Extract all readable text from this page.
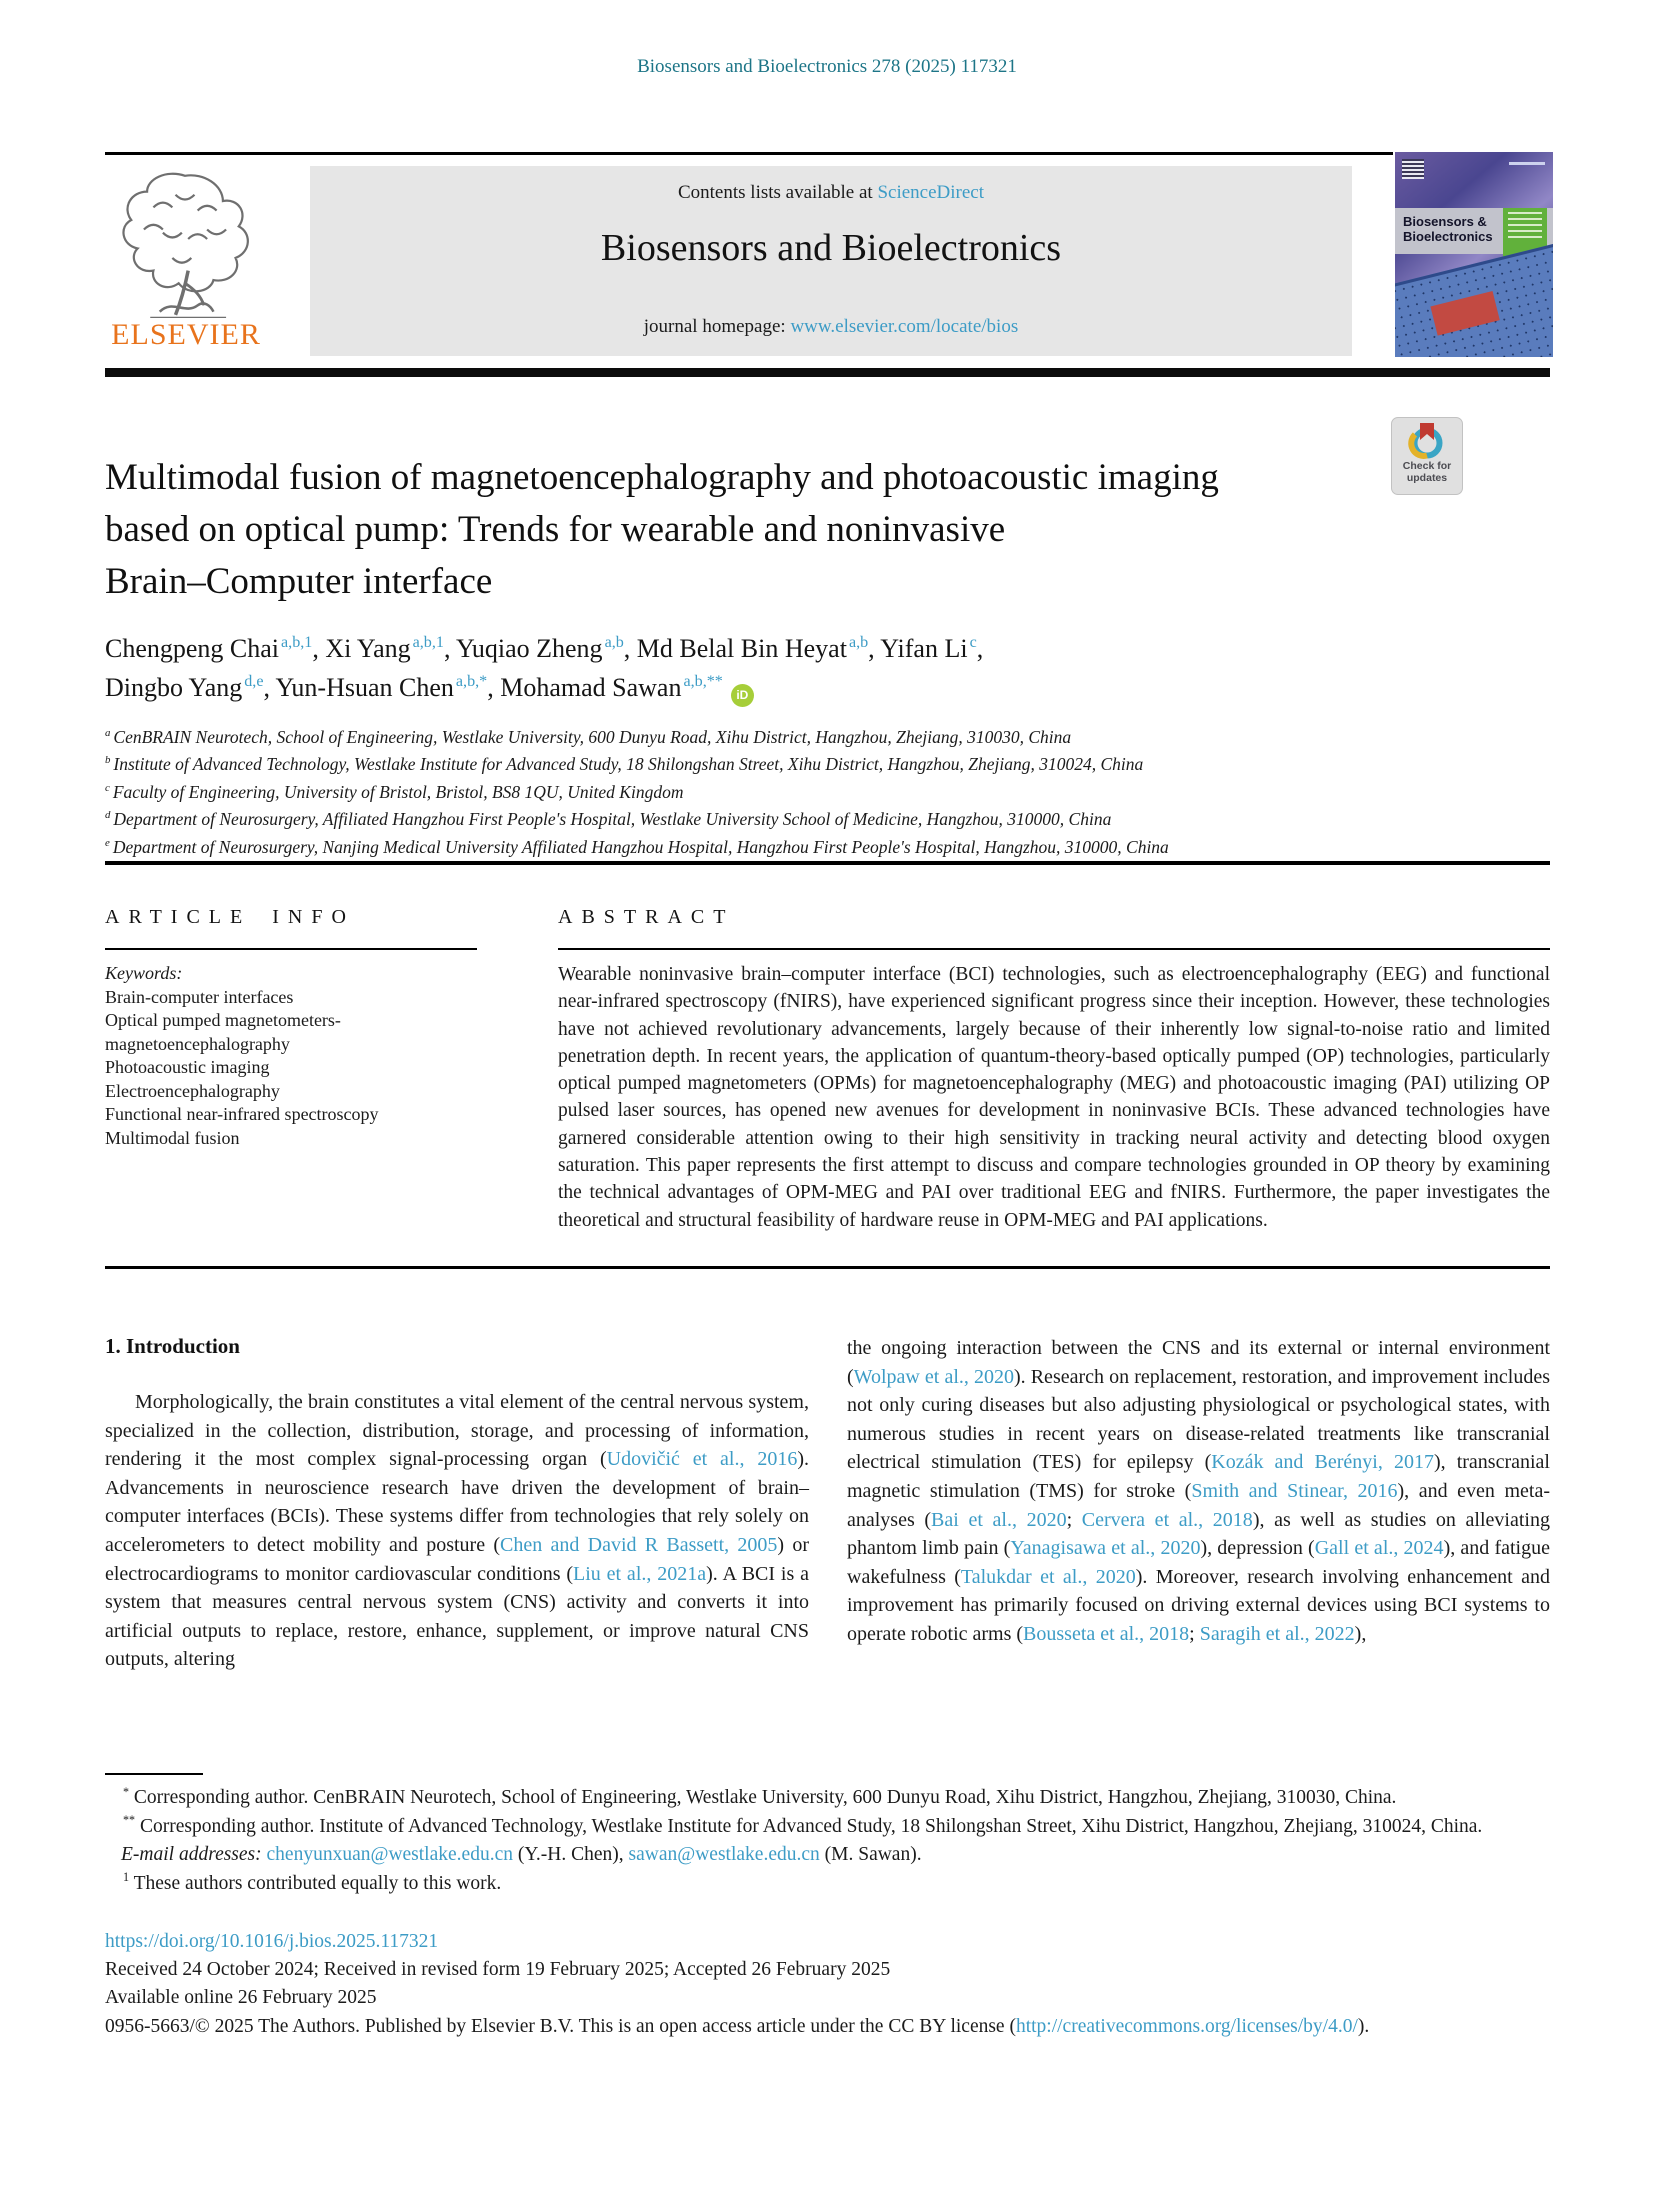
Biosensors and Bioelectronics 278 (2025) 117321
ELSEVIER
Contents lists available at ScienceDirect
Biosensors and Bioelectronics
journal homepage: www.elsevier.com/locate/bios
Biosensors &
Bioelectronics
Check for
updates
Multimodal fusion of magnetoencephalography and photoacoustic imaging
based on optical pump: Trends for wearable and noninvasive
Brain–Computer interface
Chengpeng Chai $^{a,b,1}$, Xi Yang $^{a,b,1}$, Yuqiao Zheng $^{a,b}$, Md Belal Bin Heyat $^{a,b}$, Yifan Li $^c$,
Dingbo Yang $^{d,e}$, Yun-Hsuan Chen $^{a,b,*}$, Mohamad Sawan $^{a,b,**}$iD
$^a$ CenBRAIN Neurotech, School of Engineering, Westlake University, 600 Dunyu Road, Xihu District, Hangzhou, Zhejiang, 310030, China
$^b$ Institute of Advanced Technology, Westlake Institute for Advanced Study, 18 Shilongshan Street, Xihu District, Hangzhou, Zhejiang, 310024, China
$^c$ Faculty of Engineering, University of Bristol, Bristol, BS8 1QU, United Kingdom
$^d$ Department of Neurosurgery, Affiliated Hangzhou First People's Hospital, Westlake University School of Medicine, Hangzhou, 310000, China
$^e$ Department of Neurosurgery, Nanjing Medical University Affiliated Hangzhou Hospital, Hangzhou First People's Hospital, Hangzhou, 310000, China
ARTICLE INFO
Keywords:
Brain-computer interfaces
Optical pumped magnetometers-magnetoencephalography
Photoacoustic imaging
Electroencephalography
Functional near-infrared spectroscopy
Multimodal fusion
ABSTRACT
Wearable noninvasive brain–computer interface (BCI) technologies, such as electroencephalography (EEG) and functional near-infrared spectroscopy (fNIRS), have experienced significant progress since their inception. However, these technologies have not achieved revolutionary advancements, largely because of their inherently low signal-to-noise ratio and limited penetration depth. In recent years, the application of quantum-theory-based optically pumped (OP) technologies, particularly optical pumped magnetometers (OPMs) for magnetoencephalography (MEG) and photoacoustic imaging (PAI) utilizing OP pulsed laser sources, has opened new avenues for development in noninvasive BCIs. These advanced technologies have garnered considerable attention owing to their high sensitivity in tracking neural activity and detecting blood oxygen saturation. This paper represents the first attempt to discuss and compare technologies grounded in OP theory by examining the technical advantages of OPM-MEG and PAI over traditional EEG and fNIRS. Furthermore, the paper investigates the theoretical and structural feasibility of hardware reuse in OPM-MEG and PAI applications.
1. Introduction
Morphologically, the brain constitutes a vital element of the central nervous system, specialized in the collection, distribution, storage, and processing of information, rendering it the most complex signal-processing organ (Udovičić et al., 2016). Advancements in neuroscience research have driven the development of brain–computer interfaces (BCIs). These systems differ from technologies that rely solely on accelerometers to detect mobility and posture (Chen and David R Bassett, 2005) or electrocardiograms to monitor cardiovascular conditions (Liu et al., 2021a). A BCI is a system that measures central nervous system (CNS) activity and converts it into artificial outputs to replace, restore, enhance, supplement, or improve natural CNS outputs, altering
the ongoing interaction between the CNS and its external or internal environment (Wolpaw et al., 2020). Research on replacement, restoration, and improvement includes not only curing diseases but also adjusting physiological or psychological states, with numerous studies in recent years on disease-related treatments like transcranial electrical stimulation (TES) for epilepsy (Kozák and Berényi, 2017), transcranial magnetic stimulation (TMS) for stroke (Smith and Stinear, 2016), and even meta-analyses (Bai et al., 2020; Cervera et al., 2018), as well as studies on alleviating phantom limb pain (Yanagisawa et al., 2020), depression (Gall et al., 2024), and fatigue wakefulness (Talukdar et al., 2020). Moreover, research involving enhancement and improvement has primarily focused on driving external devices using BCI systems to operate robotic arms (Bousseta et al., 2018; Saragih et al., 2022),
* Corresponding author. CenBRAIN Neurotech, School of Engineering, Westlake University, 600 Dunyu Road, Xihu District, Hangzhou, Zhejiang, 310030, China.
** Corresponding author. Institute of Advanced Technology, Westlake Institute for Advanced Study, 18 Shilongshan Street, Xihu District, Hangzhou, Zhejiang, 310024, China.
E-mail addresses: chenyunxuan@westlake.edu.cn (Y.-H. Chen), sawan@westlake.edu.cn (M. Sawan).
$^1$ These authors contributed equally to this work.
https://doi.org/10.1016/j.bios.2025.117321
Received 24 October 2024; Received in revised form 19 February 2025; Accepted 26 February 2025
Available online 26 February 2025
0956-5663/© 2025 The Authors. Published by Elsevier B.V. This is an open access article under the CC BY license (http://creativecommons.org/licenses/by/4.0/).
